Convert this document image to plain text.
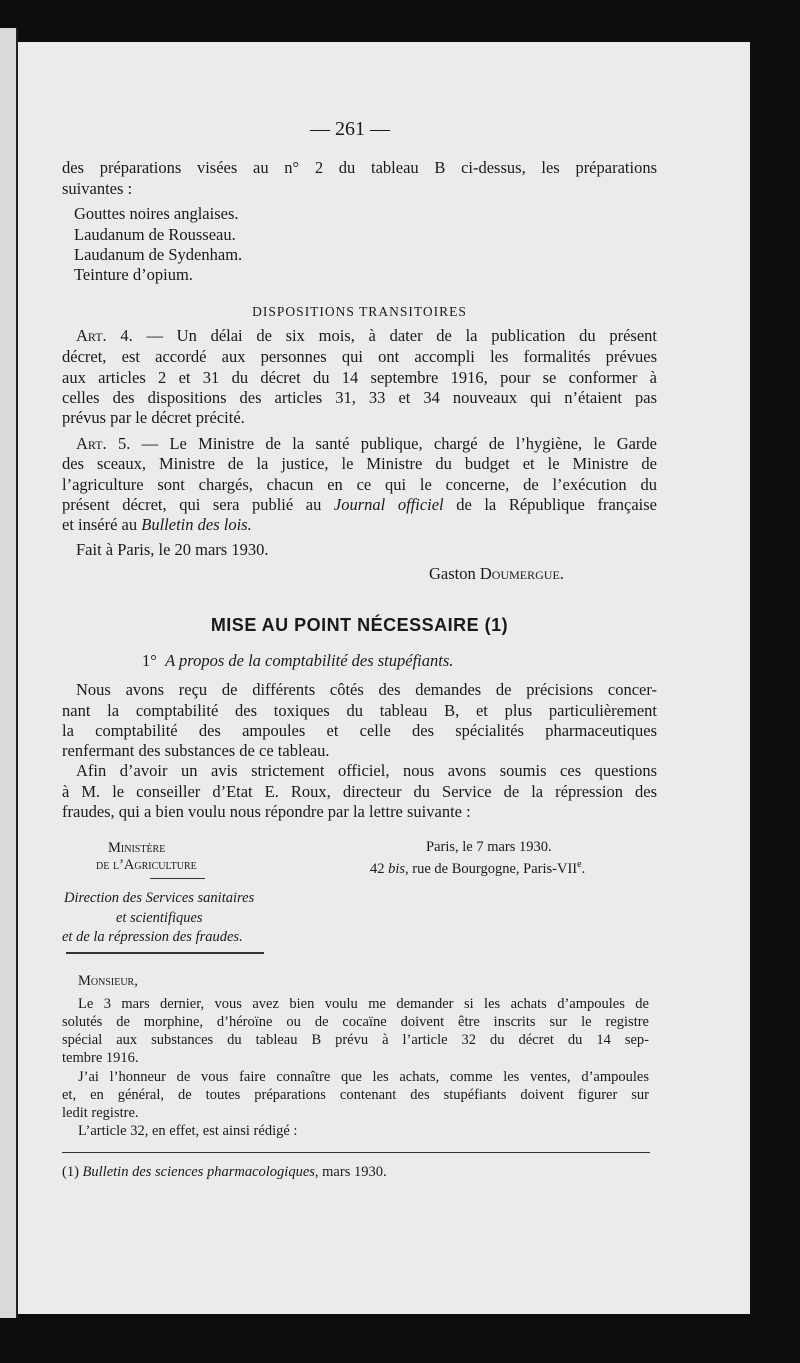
— 261 —
des préparations visées au n° 2 du tableau B ci-dessus, les préparations
suivantes :
Gouttes noires anglaises.
Laudanum de Rousseau.
Laudanum de Sydenham.
Teinture d’opium.
DISPOSITIONS TRANSITOIRES
Art. 4. — Un délai de six mois, à dater de la publication du présent
décret, est accordé aux personnes qui ont accompli les formalités prévues
aux articles 2 et 31 du décret du 14 septembre 1916, pour se conformer à
celles des dispositions des articles 31, 33 et 34 nouveaux qui n’étaient pas
prévus par le décret précité.
Art. 5. — Le Ministre de la santé publique, chargé de l’hygiène, le Garde
des sceaux, Ministre de la justice, le Ministre du budget et le Ministre de
l’agriculture sont chargés, chacun en ce qui le concerne, de l’exécution du
présent décret, qui sera publié au Journal officiel de la République française
et inséré au Bulletin des lois.
Fait à Paris, le 20 mars 1930.
Gaston Doumergue.
MISE AU POINT NÉCESSAIRE (1)
1° A propos de la comptabilité des stupéfiants.
Nous avons reçu de différents côtés des demandes de précisions concer-
nant la comptabilité des toxiques du tableau B, et plus particulièrement
la comptabilité des ampoules et celle des spécialités pharmaceutiques
renfermant des substances de ce tableau.
Afin d’avoir un avis strictement officiel, nous avons soumis ces questions
à M. le conseiller d’Etat E. Roux, directeur du Service de la répression des
fraudes, qui a bien voulu nous répondre par la lettre suivante :
Ministère
de l’Agriculture
Paris, le 7 mars 1930.
42 bis, rue de Bourgogne, Paris-VIIe.
Direction des Services sanitaires
et scientifiques
et de la répression des fraudes.
Monsieur,
Le 3 mars dernier, vous avez bien voulu me demander si les achats d’ampoules de
solutés de morphine, d’héroïne ou de cocaïne doivent être inscrits sur le registre
spécial aux substances du tableau B prévu à l’article 32 du décret du 14 sep-
tembre 1916.
J’ai l’honneur de vous faire connaître que les achats, comme les ventes, d’ampoules
et, en général, de toutes préparations contenant des stupéfiants doivent figurer sur
ledit registre.
L’article 32, en effet, est ainsi rédigé :
(1) Bulletin des sciences pharmacologiques, mars 1930.
